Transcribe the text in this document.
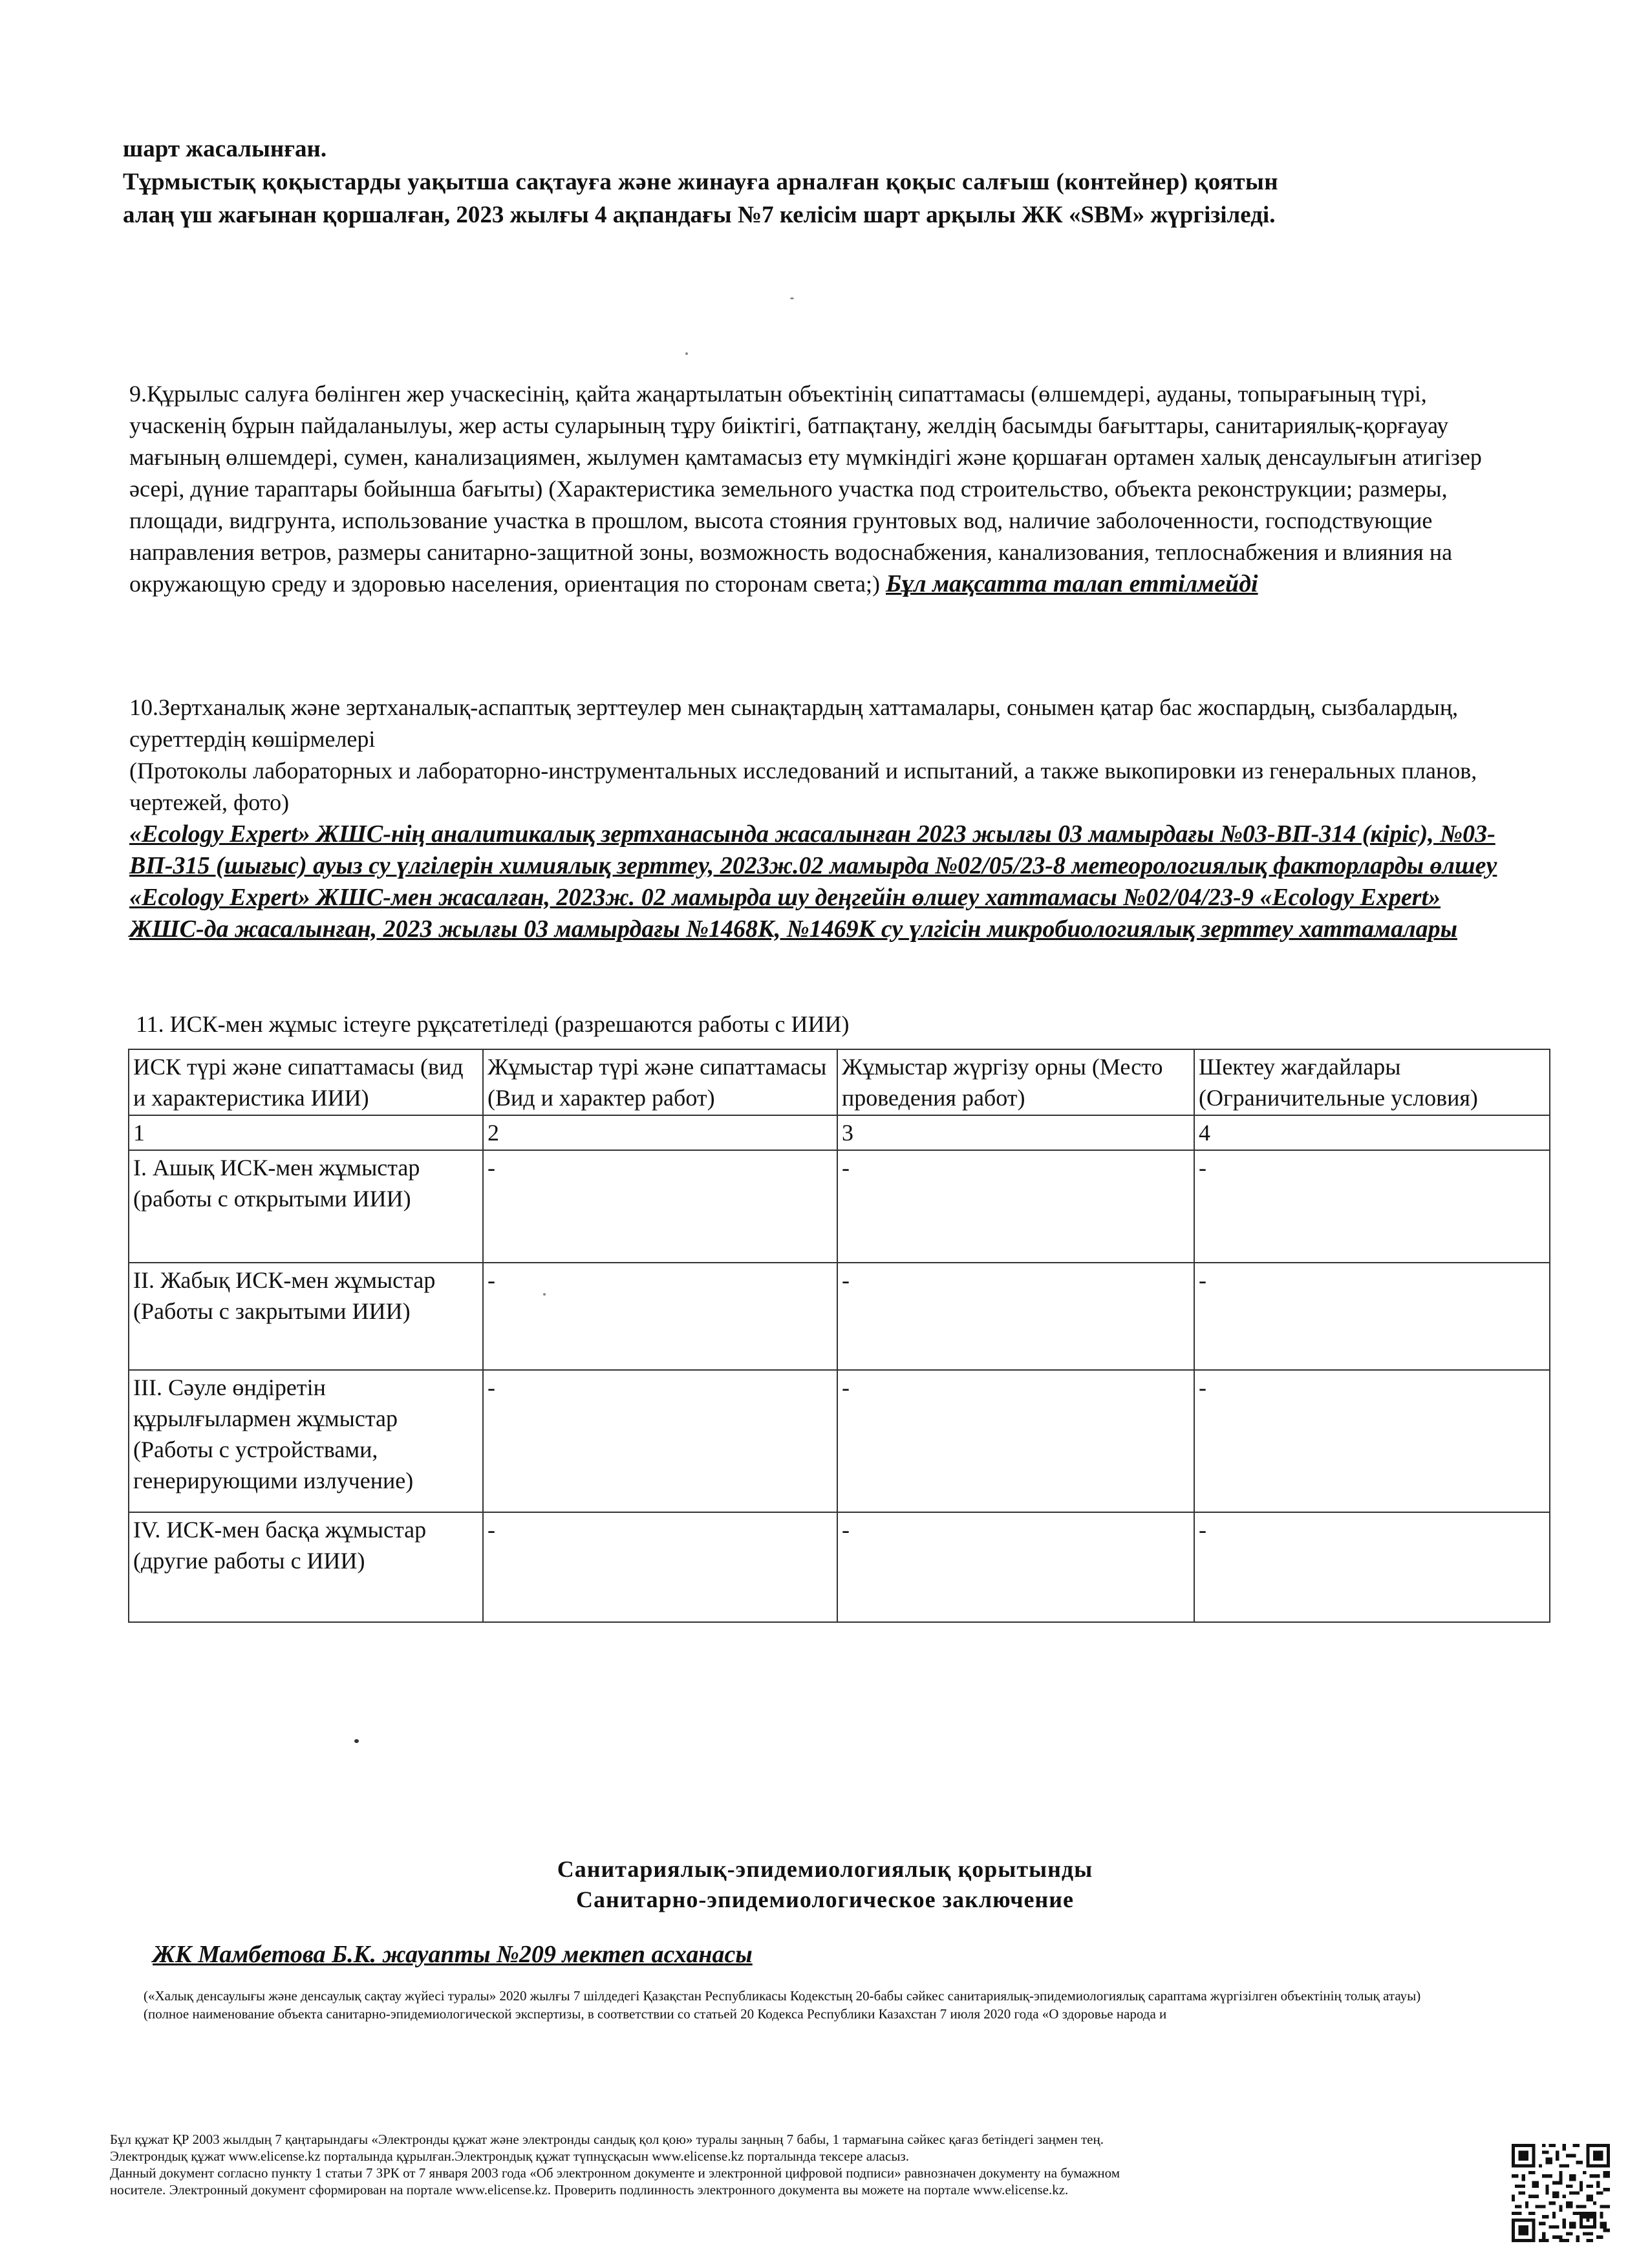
шарт жасалынған.

Тұрмыстық қоқыстарды уақытша сақтауға және жинауға арналған қоқыс салғыш (контейнер) қоятын

алаң үш жағынан қоршалған, 2023 жылғы 4 ақпандағы №7 келісім шарт арқылы ЖК «SBM» жүргізіледі.

9.Құрылыс салуға бөлінген жер учаскесінің, қайта жаңартылатын объектінің сипаттамасы (өлшемдері, ауданы, топырағының түрі, учаскенің бұрын пайдаланылуы, жер асты суларының тұру биіктігі, батпақтану, желдің басымды бағыттары, санитариялық-қорғауау мағының өлшемдері, сумен, канализациямен, жылумен қамтамасыз ету мүмкіндігі және қоршаған ортамен халық денсаулығын атигізер әсері, дүние тараптары бойынша бағыты) (Характеристика земельного участка под строительство, объекта реконструкции; размеры, площади, видгрунта, использование участка в прошлом, высота стояния грунтовых вод, наличие заболоченности, господствующие направления ветров, размеры санитарно-защитной зоны, возможность водоснабжения, канализования, теплоснабжения и влияния на окружающую среду и здоровью населения, ориентация по сторонам света;) Бұл мақсатта талап еттілмейді

10.Зертханалық және зертханалық-аспаптық зерттеулер мен сынақтардың хаттамалары, сонымен қатар бас жоспардың, сызбалардың, суреттердің көшірмелері

(Протоколы лабораторных и лабораторно-инструментальных исследований и испытаний, а также выкопировки из генеральных планов, чертежей, фото)

«Ecology Expert» ЖШС-нің аналитикалық зертханасында жасалынған 2023 жылғы 03 мамырдағы №03-ВП-314 (кіріс), №03-ВП-315 (шығыс) ауыз су үлгілерін химиялық зерттеу, 2023ж.02 мамырда №02/05/23-8 метеорологиялық факторларды өлшеу «Ecology Expert» ЖШС-мен жасалған, 2023ж. 02 мамырда шу деңгейін өлшеу хаттамасы №02/04/23-9 «Ecology Expert» ЖШС-да жасалынған, 2023 жылғы 03 мамырдағы №1468К, №1469К су үлгісін микробиологиялық зерттеу хаттамалары

11. ИСК-мен жұмыс істеуге рұқсатетіледі (разрешаются работы с ИИИ)
ИСК түрі және сипаттамасы (вид и характеристика ИИИ)	Жұмыстар түрі және сипаттамасы (Вид и характер работ)	Жұмыстар жүргізу орны (Место проведения работ)	Шектеу жағдайлары (Ограничительные условия)
1	2	3	4
I. Ашық ИСК-мен жұмыстар (работы с открытыми ИИИ)	-	-	-
II. Жабық ИСК-мен жұмыстар (Работы с закрытыми ИИИ)	-	-	-
III. Сәуле өндіретін құрылғылармен жұмыстар (Работы с устройствами, генерирующими излучение)	-	-	-
IV. ИСК-мен басқа жұмыстар (другие работы с ИИИ)	-	-	-

Санитариялық-эпидемиологиялық қорытынды

Санитарно-эпидемиологическое заключение

ЖК Мамбетова Б.К. жауапты №209 мектеп асханасы

(«Халық денсаулығы және денсаулық сақтау жүйесі туралы» 2020 жылғы 7 шілдедегі Қазақстан Республикасы Кодекстың 20-бабы сәйкес санитариялық-эпидемиологиялық сараптама жүргізілген объектінің толық атауы)

(полное наименование объекта санитарно-эпидемиологической экспертизы, в соответствии со статьей 20 Кодекса Республики Казахстан 7 июля 2020 года «О здоровье народа и

Бұл құжат ҚР 2003 жылдың 7 қаңтарындағы «Электронды құжат және электронды сандық қол қою» туралы заңның 7 бабы, 1 тармағына сәйкес қағаз бетіндегі заңмен тең.

Электрондық құжат www.elicense.kz порталында құрылған.Электрондық құжат түпнұсқасын www.elicense.kz порталында тексере аласыз.

Данный документ согласно пункту 1 статьи 7 ЗРК от 7 января 2003 года «Об электронном документе и электронной цифровой подписи» равнозначен документу на бумажном

носителе. Электронный документ сформирован на портале www.elicense.kz. Проверить подлинность электронного документа вы можете на портале www.elicense.kz.
